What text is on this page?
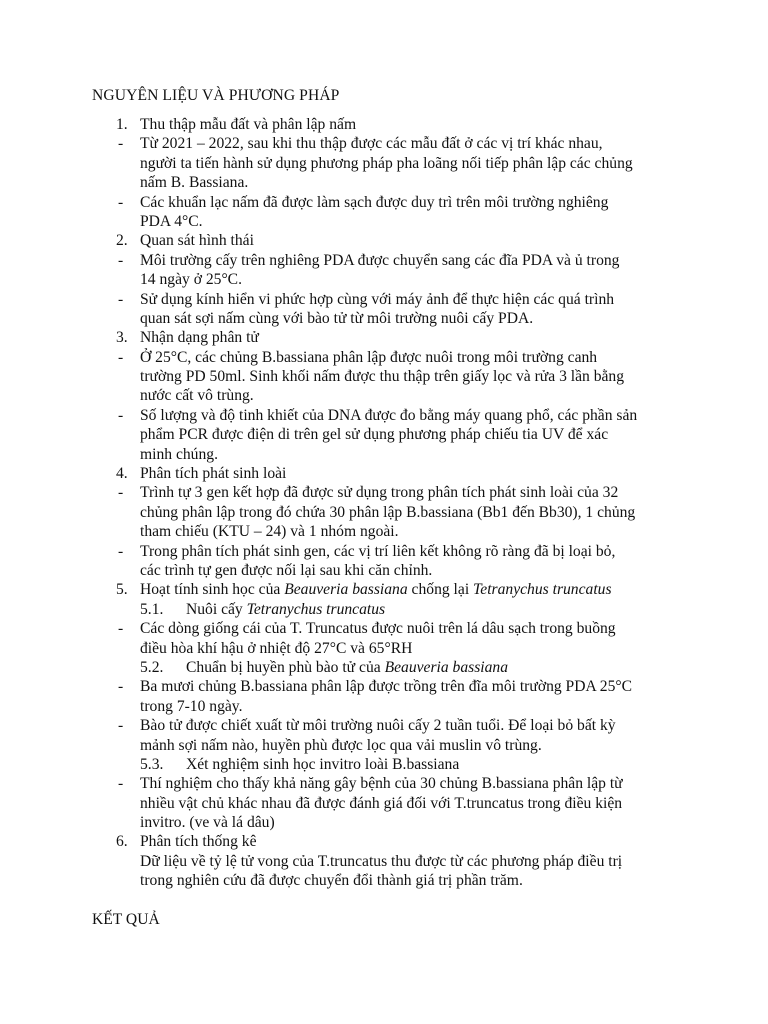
NGUYÊN LIỆU VÀ PHƯƠNG PHÁP
1. Thu thập mẫu đất và phân lập nấm
- Từ 2021 – 2022, sau khi thu thập được các mẫu đất ở các vị trí khác nhau,
người ta tiến hành sử dụng phương pháp pha loãng nối tiếp phân lập các chủng
nấm B. Bassiana.
- Các khuẩn lạc nấm đã được làm sạch được duy trì trên môi trường nghiêng
PDA 4°C.
2. Quan sát hình thái
- Môi trường cấy trên nghiêng PDA được chuyển sang các đĩa PDA và ủ trong
14 ngày ở 25°C.
- Sử dụng kính hiển vi phức hợp cùng với máy ảnh để thực hiện các quá trình
quan sát sợi nấm cùng với bào tử từ môi trường nuôi cấy PDA.
3. Nhận dạng phân tử
- Ở 25°C, các chủng B.bassiana phân lập được nuôi trong môi trường canh
trường PD 50ml. Sinh khối nấm được thu thập trên giấy lọc và rửa 3 lần bằng
nước cất vô trùng.
- Số lượng và độ tinh khiết của DNA được đo bằng máy quang phổ, các phần sản
phẩm PCR được điện di trên gel sử dụng phương pháp chiếu tia UV để xác
minh chúng.
4. Phân tích phát sinh loài
- Trình tự 3 gen kết hợp đã được sử dụng trong phân tích phát sinh loài của 32
chủng phân lập trong đó chứa 30 phân lập B.bassiana (Bb1 đến Bb30), 1 chủng
tham chiếu (KTU – 24) và 1 nhóm ngoài.
- Trong phân tích phát sinh gen, các vị trí liên kết không rõ ràng đã bị loại bỏ,
các trình tự gen được nối lại sau khi căn chỉnh.
5. Hoạt tính sinh học của Beauveria bassiana chống lại Tetranychus truncatus
5.1. Nuôi cấy Tetranychus truncatus
- Các dòng giống cái của T. Truncatus được nuôi trên lá dâu sạch trong buồng
điều hòa khí hậu ở nhiệt độ 27°C và 65°RH
5.2. Chuẩn bị huyền phù bào tử của Beauveria bassiana
- Ba mươi chủng B.bassiana phân lập được trồng trên đĩa môi trường PDA 25°C
trong 7-10 ngày.
- Bào tử được chiết xuất từ môi trường nuôi cấy 2 tuần tuổi. Để loại bỏ bất kỳ
mảnh sợi nấm nào, huyền phù được lọc qua vải muslin vô trùng.
5.3. Xét nghiệm sinh học invitro loài B.bassiana
- Thí nghiệm cho thấy khả năng gây bệnh của 30 chủng B.bassiana phân lập từ
nhiều vật chủ khác nhau đã được đánh giá đối với T.truncatus trong điều kiện
invitro. (ve và lá dâu)
6. Phân tích thống kê
Dữ liệu về tỷ lệ tử vong của T.truncatus thu được từ các phương pháp điều trị
trong nghiên cứu đã được chuyển đổi thành giá trị phần trăm.
KẾT QUẢ
